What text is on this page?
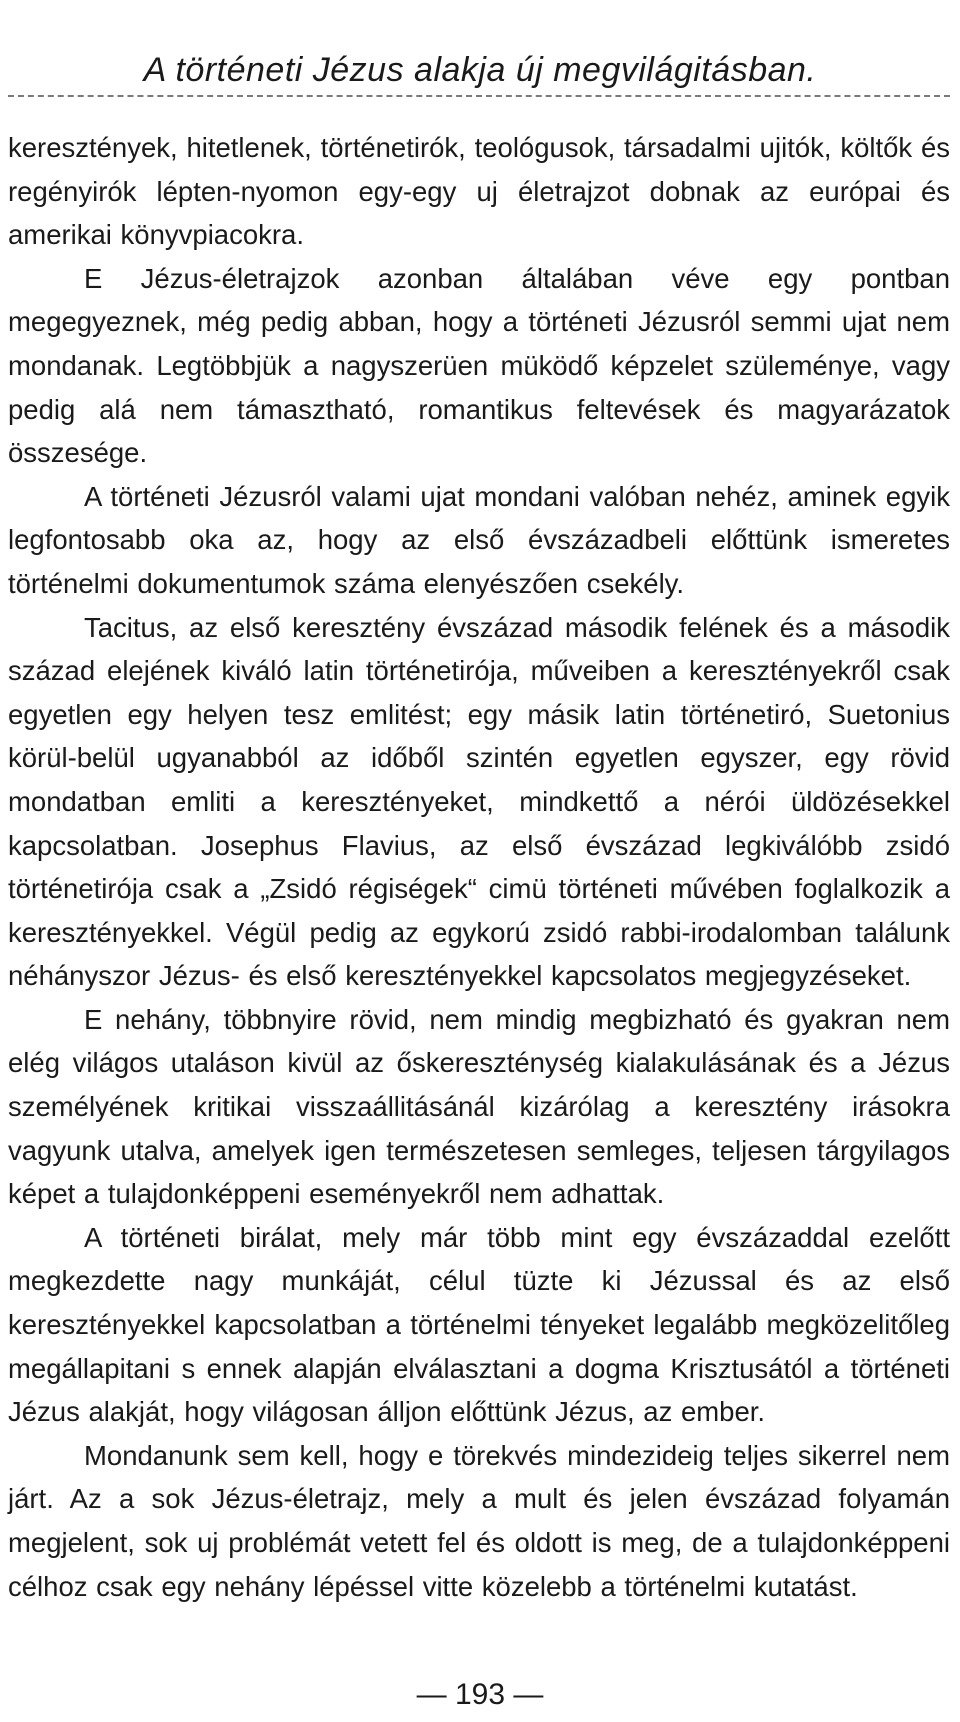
A történeti Jézus alakja új megvilágitásban.

keresztények, hitetlenek, történetirók, teológusok, társadalmi ujitók, költők és regényirók lépten-nyomon egy-egy uj életrajzot dobnak az európai és amerikai könyvpiacokra.

E Jézus-életrajzok azonban általában véve egy pontban megegyeznek, még pedig abban, hogy a történeti Jézusról semmi ujat nem mondanak. Legtöbbjük a nagyszerüen müködő képzelet szüleménye, vagy pedig alá nem támasztható, romantikus feltevések és magyarázatok összesége.

A történeti Jézusról valami ujat mondani valóban nehéz, aminek egyik legfontosabb oka az, hogy az első évszázadbeli előttünk ismeretes történelmi dokumentumok száma elenyészően csekély.

Tacitus, az első keresztény évszázad második felének és a második század elejének kiváló latin történetirója, műveiben a keresztényekről csak egyetlen egy helyen tesz emlitést; egy másik latin történetiró, Suetonius körül-belül ugyanabból az időből szintén egyetlen egyszer, egy rövid mondatban emliti a keresztényeket, mindkettő a nérói üldözésekkel kapcsolatban. Josephus Flavius, az első évszázad legkiválóbb zsidó történetirója csak a „Zsidó régiségek“ cimü történeti művében foglalkozik a keresztényekkel. Végül pedig az egykorú zsidó rabbi-irodalomban találunk néhányszor Jézus- és első keresztényekkel kapcsolatos megjegyzéseket.

E nehány, többnyire rövid, nem mindig megbizható és gyakran nem elég világos utaláson kivül az őskereszténység kialakulásának és a Jézus személyének kritikai visszaállitásánál kizárólag a keresztény irásokra vagyunk utalva, amelyek igen természetesen semleges, teljesen tárgyilagos képet a tulajdonképpeni eseményekről nem adhattak.

A történeti birálat, mely már több mint egy évszázaddal ezelőtt megkezdette nagy munkáját, célul tüzte ki Jézussal és az első keresztényekkel kapcsolatban a történelmi tényeket legalább megközelitőleg megállapitani s ennek alapján elválasztani a dogma Krisztusától a történeti Jézus alakját, hogy világosan álljon előttünk Jézus, az ember.

Mondanunk sem kell, hogy e törekvés mindezideig teljes sikerrel nem járt. Az a sok Jézus-életrajz, mely a mult és jelen évszázad folyamán megjelent, sok uj problémát vetett fel és oldott is meg, de a tulajdonképpeni célhoz csak egy nehány lépéssel vitte közelebb a történelmi kutatást.

— 193 —
